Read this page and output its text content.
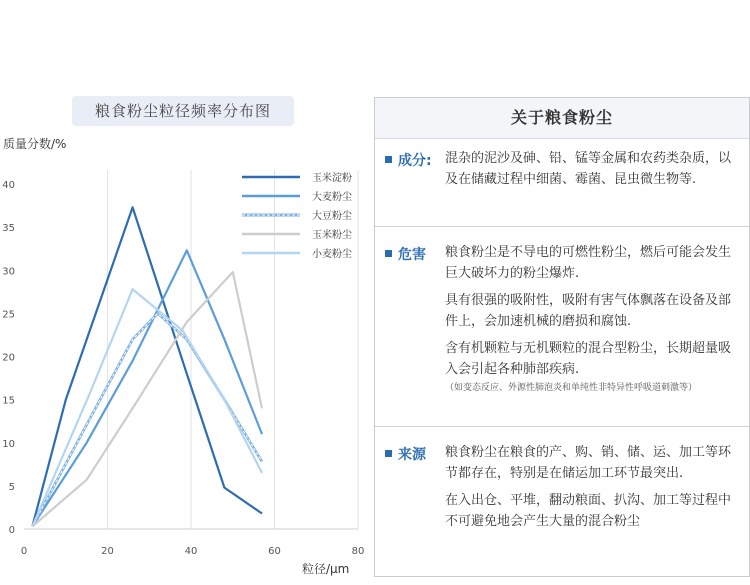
0	20	40	60	80
0
5
10
15
20
25
30
35
40
质量分数/%
粒径/μm
玉米淀粉
大麦粉尘
大豆粉尘
玉米粉尘
小麦粉尘
粮食粉尘粒径频率分布图	关于粮食粉尘
成分: 混杂的泥沙及砷、铅、锰等金属和农药类杂质，以及在储藏过程中细菌、霉菌、昆虫微生物等.

危害 粮食粉尘是不导电的可燃性粉尘，燃后可能会发生巨大破坏力的粉尘爆炸.

具有很强的吸附性，吸附有害气体飘落在设备及部件上，会加速机械的磨损和腐蚀.

含有机颗粒与无机颗粒的混合型粉尘，长期超量吸入会引起各种肺部疾病.

（如变态反应、外源性肺泡炎和单纯性非特异性呼吸道刺激等）
来源 粮食粉尘在粮食的产、购、销、储、运、加工等环节都存在，特别是在储运加工环节最突出.

在入出仓、平堆，翻动粮面、扒沟、加工等过程中不可避免地会产生大量的混合粉尘
